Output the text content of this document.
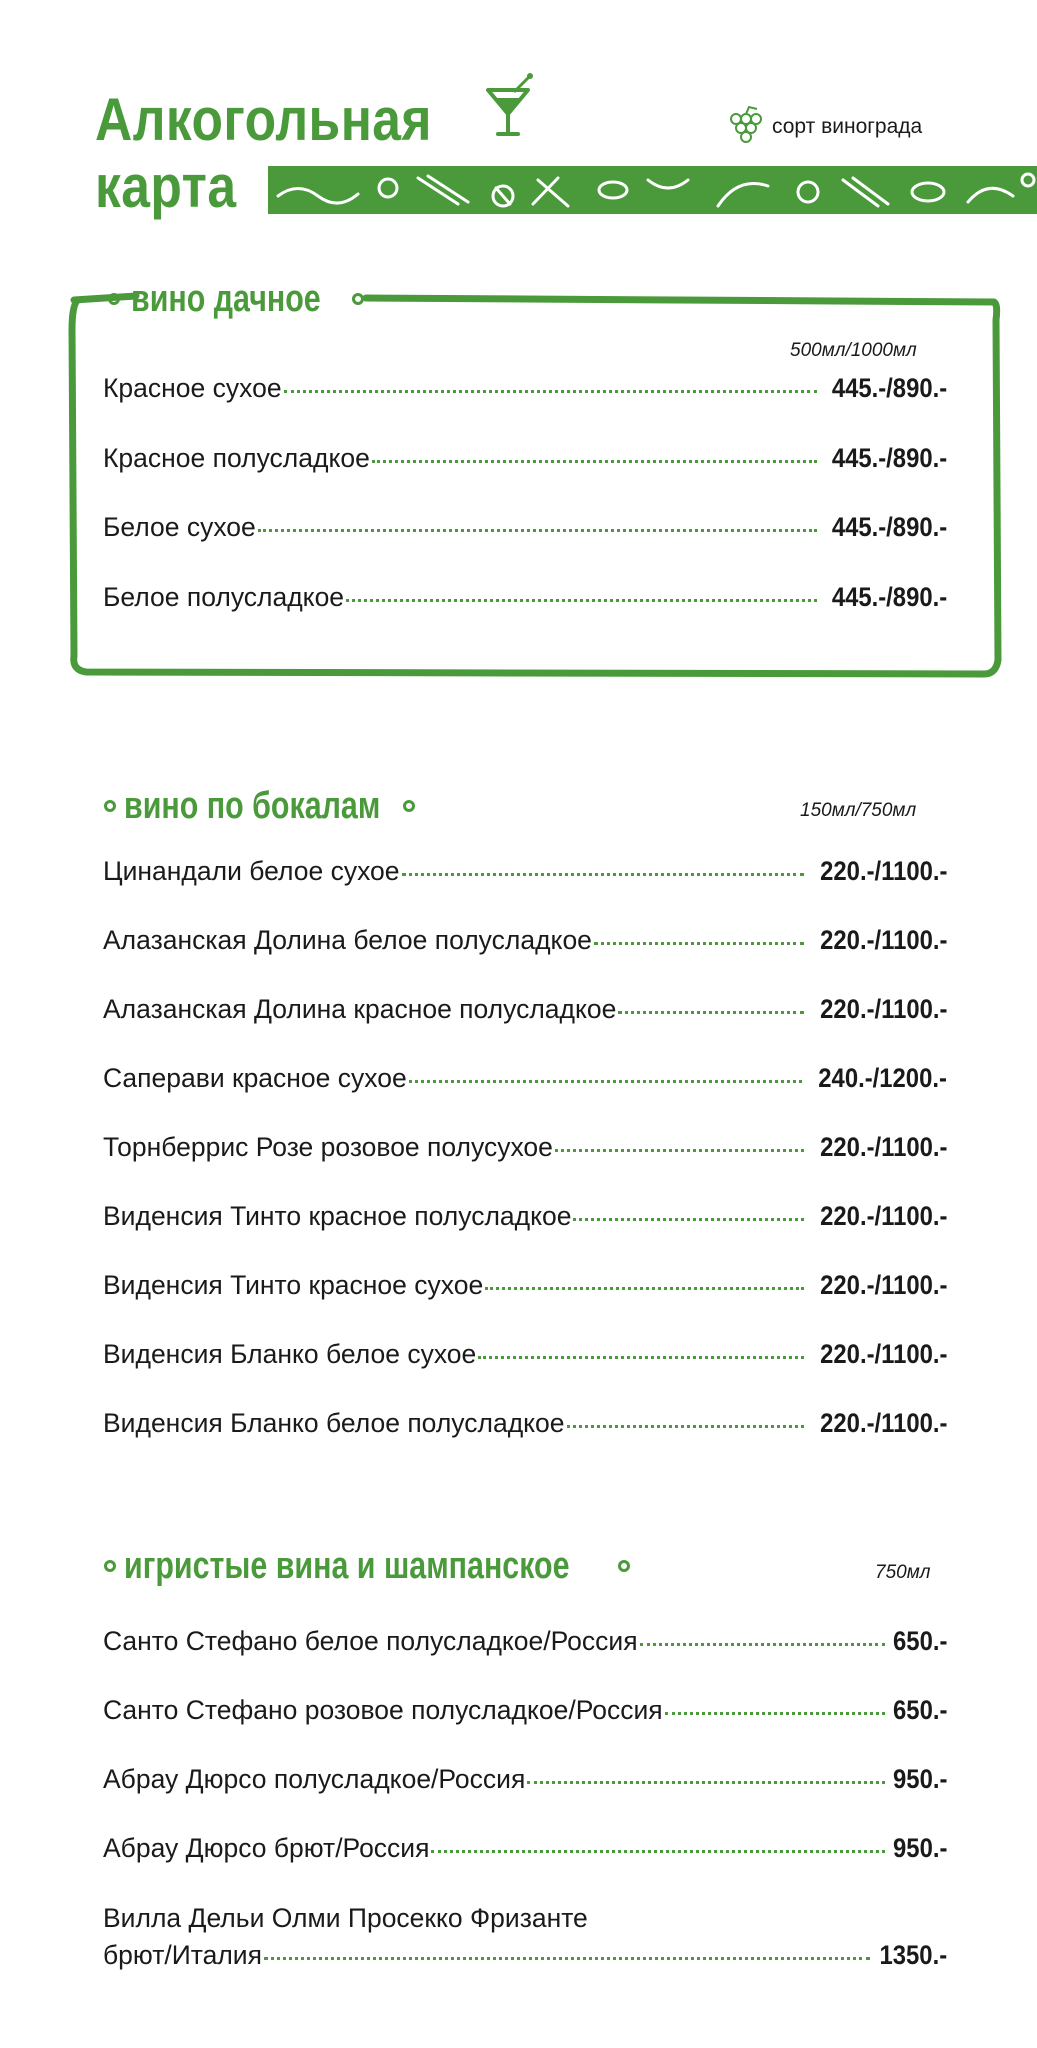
Алкогольная
карта
сорт винограда
вино дачное
500мл/1000мл
Красное сухое	445.-/890.-
Красное полусладкое	445.-/890.-
Белое сухое	445.-/890.-
Белое полусладкое	445.-/890.-
вино по бокалам	150мл/750мл
Цинандали белое сухое	220.-/1100.-
Алазанская Долина белое полусладкое	220.-/1100.-
Алазанская Долина красное полусладкое	220.-/1100.-
Саперави красное сухое	240.-/1200.-
Торнберрис Розе розовое полусухое	220.-/1100.-
Виденсия Тинто красное полусладкое	220.-/1100.-
Виденсия Тинто красное сухое	220.-/1100.-
Виденсия Бланко белое сухое	220.-/1100.-
Виденсия Бланко белое полусладкое	220.-/1100.-
игристые вина и шампанское	750мл
Санто Стефано белое полусладкое/Россия	650.-
Санто Стефано розовое полусладкое/Россия	650.-
Абрау Дюрсо полусладкое/Россия	950.-
Абрау Дюрсо брют/Россия	950.-
Вилла Дельи Олми Просекко Фризанте
брют/Италия	1350.-
